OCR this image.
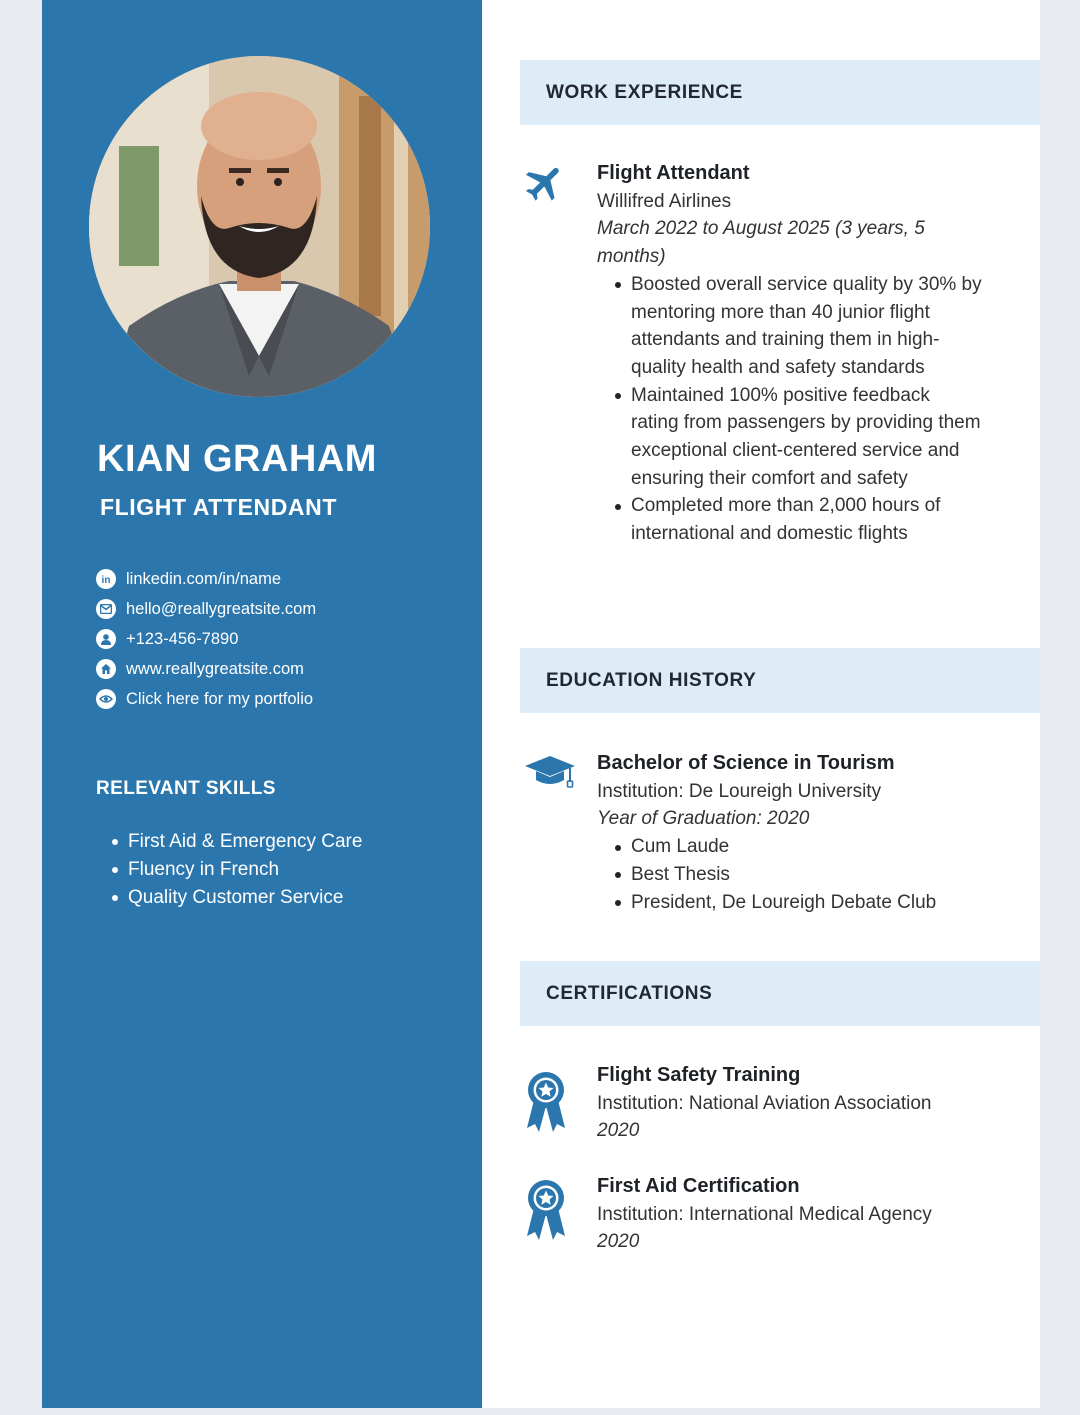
KIAN GRAHAM
FLIGHT ATTENDANT
in linkedin.com/in/name
hello@reallygreatsite.com
+123-456-7890
www.reallygreatsite.com
Click here for my portfolio
RELEVANT SKILLS
First Aid & Emergency Care
Fluency in French
Quality Customer Service
WORK EXPERIENCE
Flight Attendant
Willifred Airlines
March 2022 to August 2025 (3 years, 5 months)
Boosted overall service quality by 30% by mentoring more than 40 junior flight attendants and training them in high-quality health and safety standards
Maintained 100% positive feedback rating from passengers by providing them exceptional client-centered service and ensuring their comfort and safety
Completed more than 2,000 hours of international and domestic flights
EDUCATION HISTORY
Bachelor of Science in Tourism
Institution: De Loureigh University
Year of Graduation: 2020
Cum Laude
Best Thesis
President, De Loureigh Debate Club
CERTIFICATIONS
Flight Safety Training
Institution: National Aviation Association
2020
First Aid Certification
Institution: International Medical Agency
2020
